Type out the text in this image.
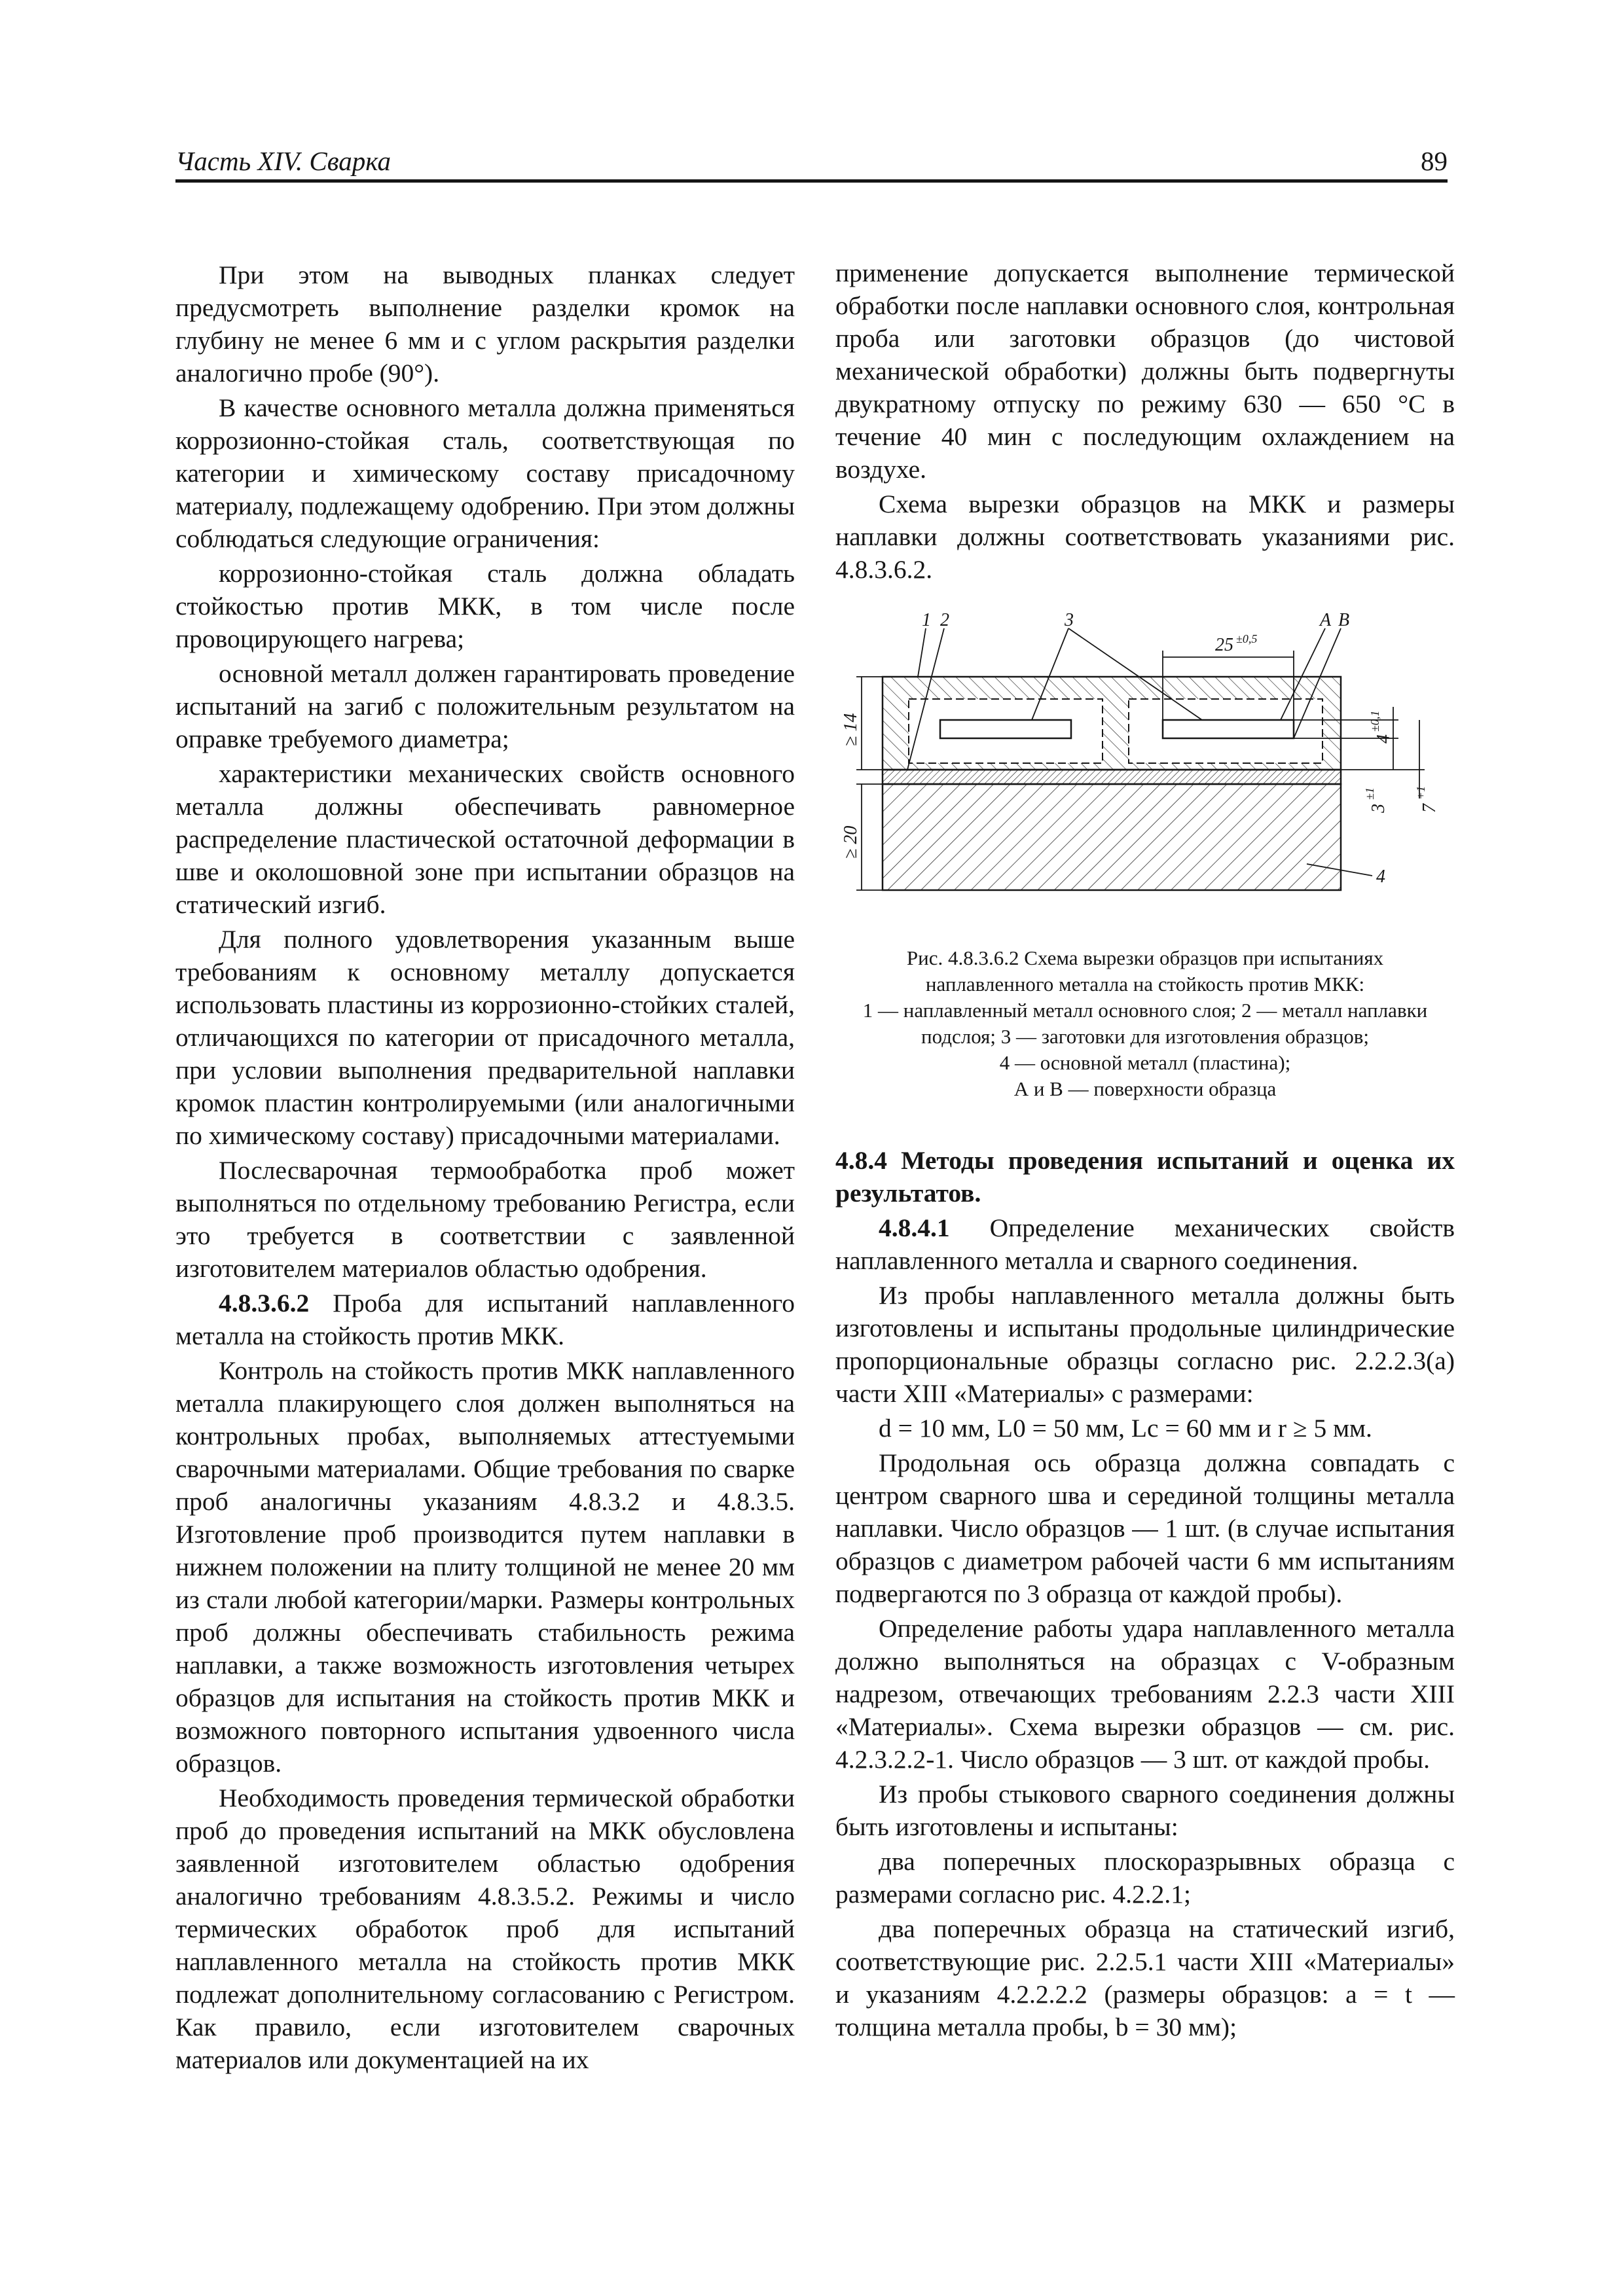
Часть XIV. Сварка	89

При этом на выводных планках следует предусмотреть выполнение разделки кромок на глубину не менее 6 мм и с углом раскрытия разделки аналогично пробе (90°).

В качестве основного металла должна применяться коррозионно-стойкая сталь, соответствующая по категории и химическому составу присадочному материалу, подлежащему одобрению. При этом должны соблюдаться следующие ограничения:

коррозионно-стойкая сталь должна обладать стойкостью против МКК, в том числе после провоцирующего нагрева;

основной металл должен гарантировать проведение испытаний на загиб с положительным результатом на оправке требуемого диаметра;

характеристики механических свойств основного металла должны обеспечивать равномерное распределение пластической остаточной деформации в шве и околошовной зоне при испытании образцов на статический изгиб.

Для полного удовлетворения указанным выше требованиям к основному металлу допускается использовать пластины из коррозионно-стойких сталей, отличающихся по категории от присадочного металла, при условии выполнения предварительной наплавки кромок пластин контролируемыми (или аналогичными по химическому составу) присадочными материалами.

Послесварочная термообработка проб может выполняться по отдельному требованию Регистра, если это требуется в соответствии с заявленной изготовителем материалов областью одобрения.

4.8.3.6.2 Проба для испытаний наплавленного металла на стойкость против МКК.

Контроль на стойкость против МКК наплавленного металла плакирующего слоя должен выполняться на контрольных пробах, выполняемых аттестуемыми сварочными материалами. Общие требования по сварке проб аналогичны указаниям 4.8.3.2 и 4.8.3.5. Изготовление проб производится путем наплавки в нижнем положении на плиту толщиной не менее 20 мм из стали любой категории/марки. Размеры контрольных проб должны обеспечивать стабильность режима наплавки, а также возможность изготовления четырех образцов для испытания на стойкость против МКК и возможного повторного испытания удвоенного числа образцов.

Необходимость проведения термической обработки проб до проведения испытаний на МКК обусловлена заявленной изготовителем областью одобрения аналогично требованиям 4.8.3.5.2. Режимы и число термических обработок проб для испытаний наплавленного металла на стойкость против МКК подлежат дополнительному согласованию с Регистром. Как правило, если изготовителем сварочных материалов или документацией на их

применение допускается выполнение термической обработки после наплавки основного слоя, контрольная проба или заготовки образцов (до чистовой механической обработки) должны быть подвергнуты двукратному отпуску по режиму 630 — 650 °С в течение 40 мин с последующим охлаждением на воздухе.

Схема вырезки образцов на МКК и размеры наплавки должны соответствовать указаниями рис. 4.8.3.6.2.

1 2	3	A B
4
25 ±0,5
4
±0,1
3
±1
7
+1
≥ 14
≥ 20
Рис. 4.8.3.6.2 Схема вырезки образцов при испытаниях
наплавленного металла на стойкость против МКК:
1 — наплавленный металл основного слоя; 2 — металл наплавки
подслоя; 3 — заготовки для изготовления образцов;
4 — основной металл (пластина);
А и В — поверхности образца

4.8.4 Методы проведения испытаний и оценка их результатов.

4.8.4.1 Определение механических свойств наплавленного металла и сварного соединения.

Из пробы наплавленного металла должны быть изготовлены и испытаны продольные цилиндрические пропорциональные образцы согласно рис. 2.2.2.3(а) части XIII «Материалы» с размерами:

d = 10 мм, L0 = 50 мм, Lc = 60 мм и r ≥ 5 мм.

Продольная ось образца должна совпадать с центром сварного шва и серединой толщины металла наплавки. Число образцов — 1 шт. (в случае испытания образцов с диаметром рабочей части 6 мм испытаниям подвергаются по 3 образца от каждой пробы).

Определение работы удара наплавленного металла должно выполняться на образцах с V-образным надрезом, отвечающих требованиям 2.2.3 части XIII «Материалы». Схема вырезки образцов — см. рис. 4.2.3.2.2-1. Число образцов — 3 шт. от каждой пробы.

Из пробы стыкового сварного соединения должны быть изготовлены и испытаны:

два поперечных плоскоразрывных образца с размерами согласно рис. 4.2.2.1;

два поперечных образца на статический изгиб, соответствующие рис. 2.2.5.1 части XIII «Материалы» и указаниям 4.2.2.2.2 (размеры образцов: а = t — толщина металла пробы, b = 30 мм);
